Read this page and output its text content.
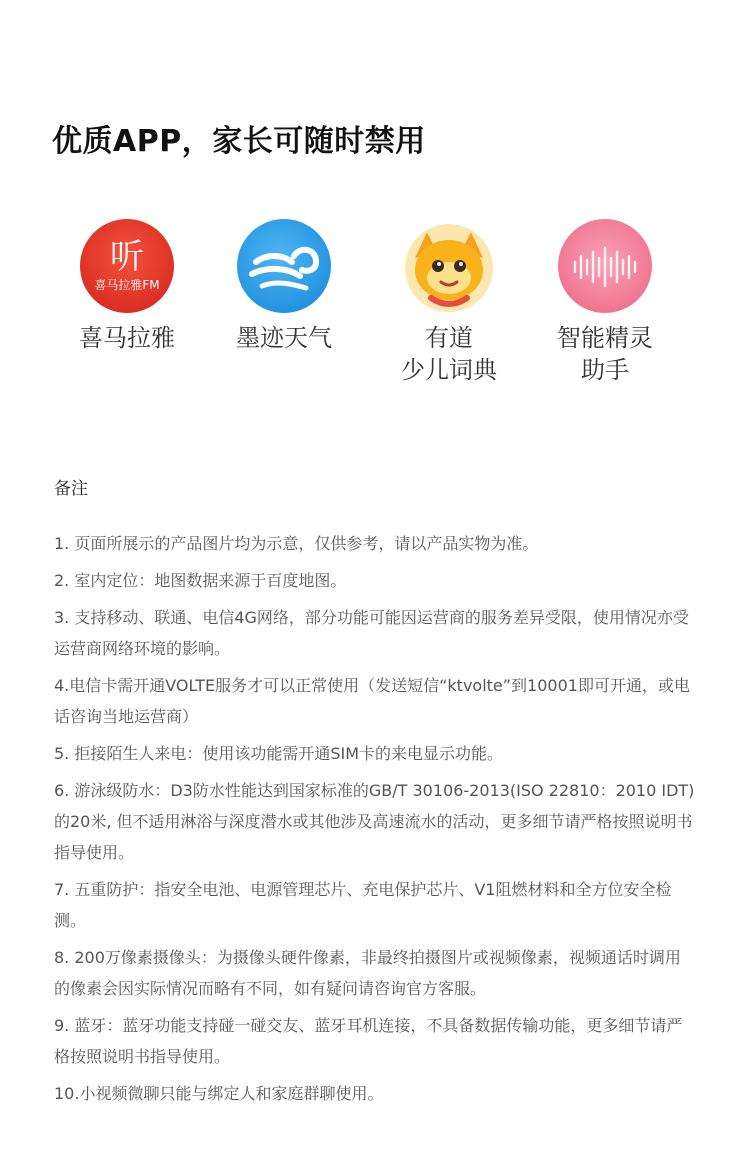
优质APP，家长可随时禁用
听
喜马拉雅FM
喜马拉雅	墨迹天气	有道
少儿词典
智能精灵
助手
备注
1. 页面所展示的产品图片均为示意，仅供参考，请以产品实物为准。
2. 室内定位：地图数据来源于百度地图。
3. 支持移动、联通、电信4G网络，部分功能可能因运营商的服务差异受限，使用情况亦受运营商网络环境的影响。
4.电信卡需开通VOLTE服务才可以正常使用（发送短信“ktvolte”到10001即可开通，或电话咨询当地运营商）
5. 拒接陌生人来电：使用该功能需开通SIM卡的来电显示功能。
6. 游泳级防水：D3防水性能达到国家标准的GB/T 30106-2013(ISO 22810：2010 IDT)的20米, 但不适用淋浴与深度潜水或其他涉及高速流水的活动，更多细节请严格按照说明书指导使用。
7. 五重防护：指安全电池、电源管理芯片、充电保护芯片、V1阻燃材料和全方位安全检测。
8. 200万像素摄像头：为摄像头硬件像素，非最终拍摄图片或视频像素，视频通话时调用的像素会因实际情况而略有不同，如有疑问请咨询官方客服。
9. 蓝牙：蓝牙功能支持碰一碰交友、蓝牙耳机连接，不具备数据传输功能，更多细节请严格按照说明书指导使用。
10.小视频微聊只能与绑定人和家庭群聊使用。
